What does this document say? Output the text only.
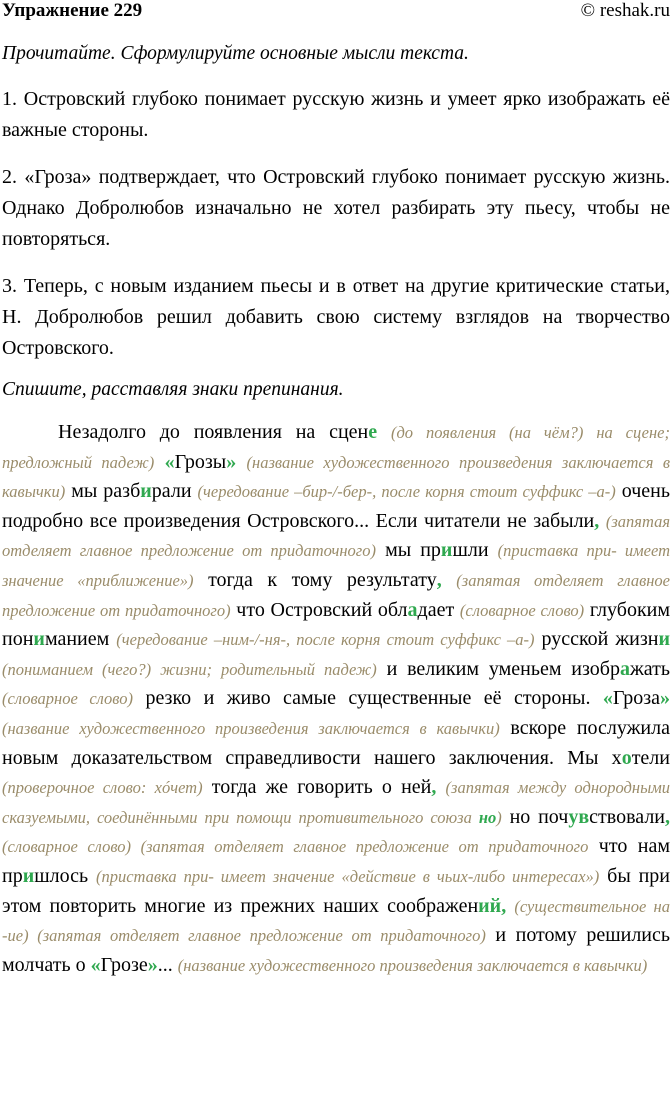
Упражнение 229	© reshak.ru

Прочитайте. Сформулируйте основные мысли текста.

1. Островский глубоко понимает русскую жизнь и умеет ярко изображать её важные стороны.

2. «Гроза» подтверждает, что Островский глубоко понимает русскую жизнь. Однако Добролюбов изначально не хотел разбирать эту пьесу, чтобы не повторяться.

3. Теперь, с новым изданием пьесы и в ответ на другие критические статьи, Н. Добролюбов решил добавить свою систему взглядов на творчество Островского.

Спишите, расставляя знаки препинания.

Незадолго до появления на сцене (до появления (на чём?) на сцене; предложный падеж) «Грозы» (название художественного произведения заключается в кавычки) мы разбирали (чередование –бир-/-бер-, после корня стоит суффикс –а-) очень подробно все произведения Островского... Если читатели не забыли, (запятая отделяет главное предложение от придаточного) мы пришли (приставка при- имеет значение «приближение») тогда к тому результату, (запятая отделяет главное предложение от придаточного) что Островский обладает (словарное слово) глубоким пониманием (чередование –ним-/-ня-, после корня стоит суффикс –а-) русской жизни (пониманием (чего?) жизни; родительный падеж) и великим уменьем изображать (словарное слово) резко и живо самые существенные её стороны. «Гроза» (название художественного произведения заключается в кавычки) вскоре послужила новым доказательством справедливости нашего заключения. Мы хотели (проверочное слово: хóчет) тогда же говорить о ней, (запятая между однородными сказуемыми, соединёнными при помощи противительного союза но) но почувствовали, (словарное слово) (запятая отделяет главное предложение от придаточного что нам пришлось (приставка при- имеет значение «действие в чьих-либо интересах») бы при этом повторить многие из прежних наших соображений, (существительное на -ие) (запятая отделяет главное предложение от придаточного) и потому решились молчать о «Грозе»... (название художественного произведения заключается в кавычки)
